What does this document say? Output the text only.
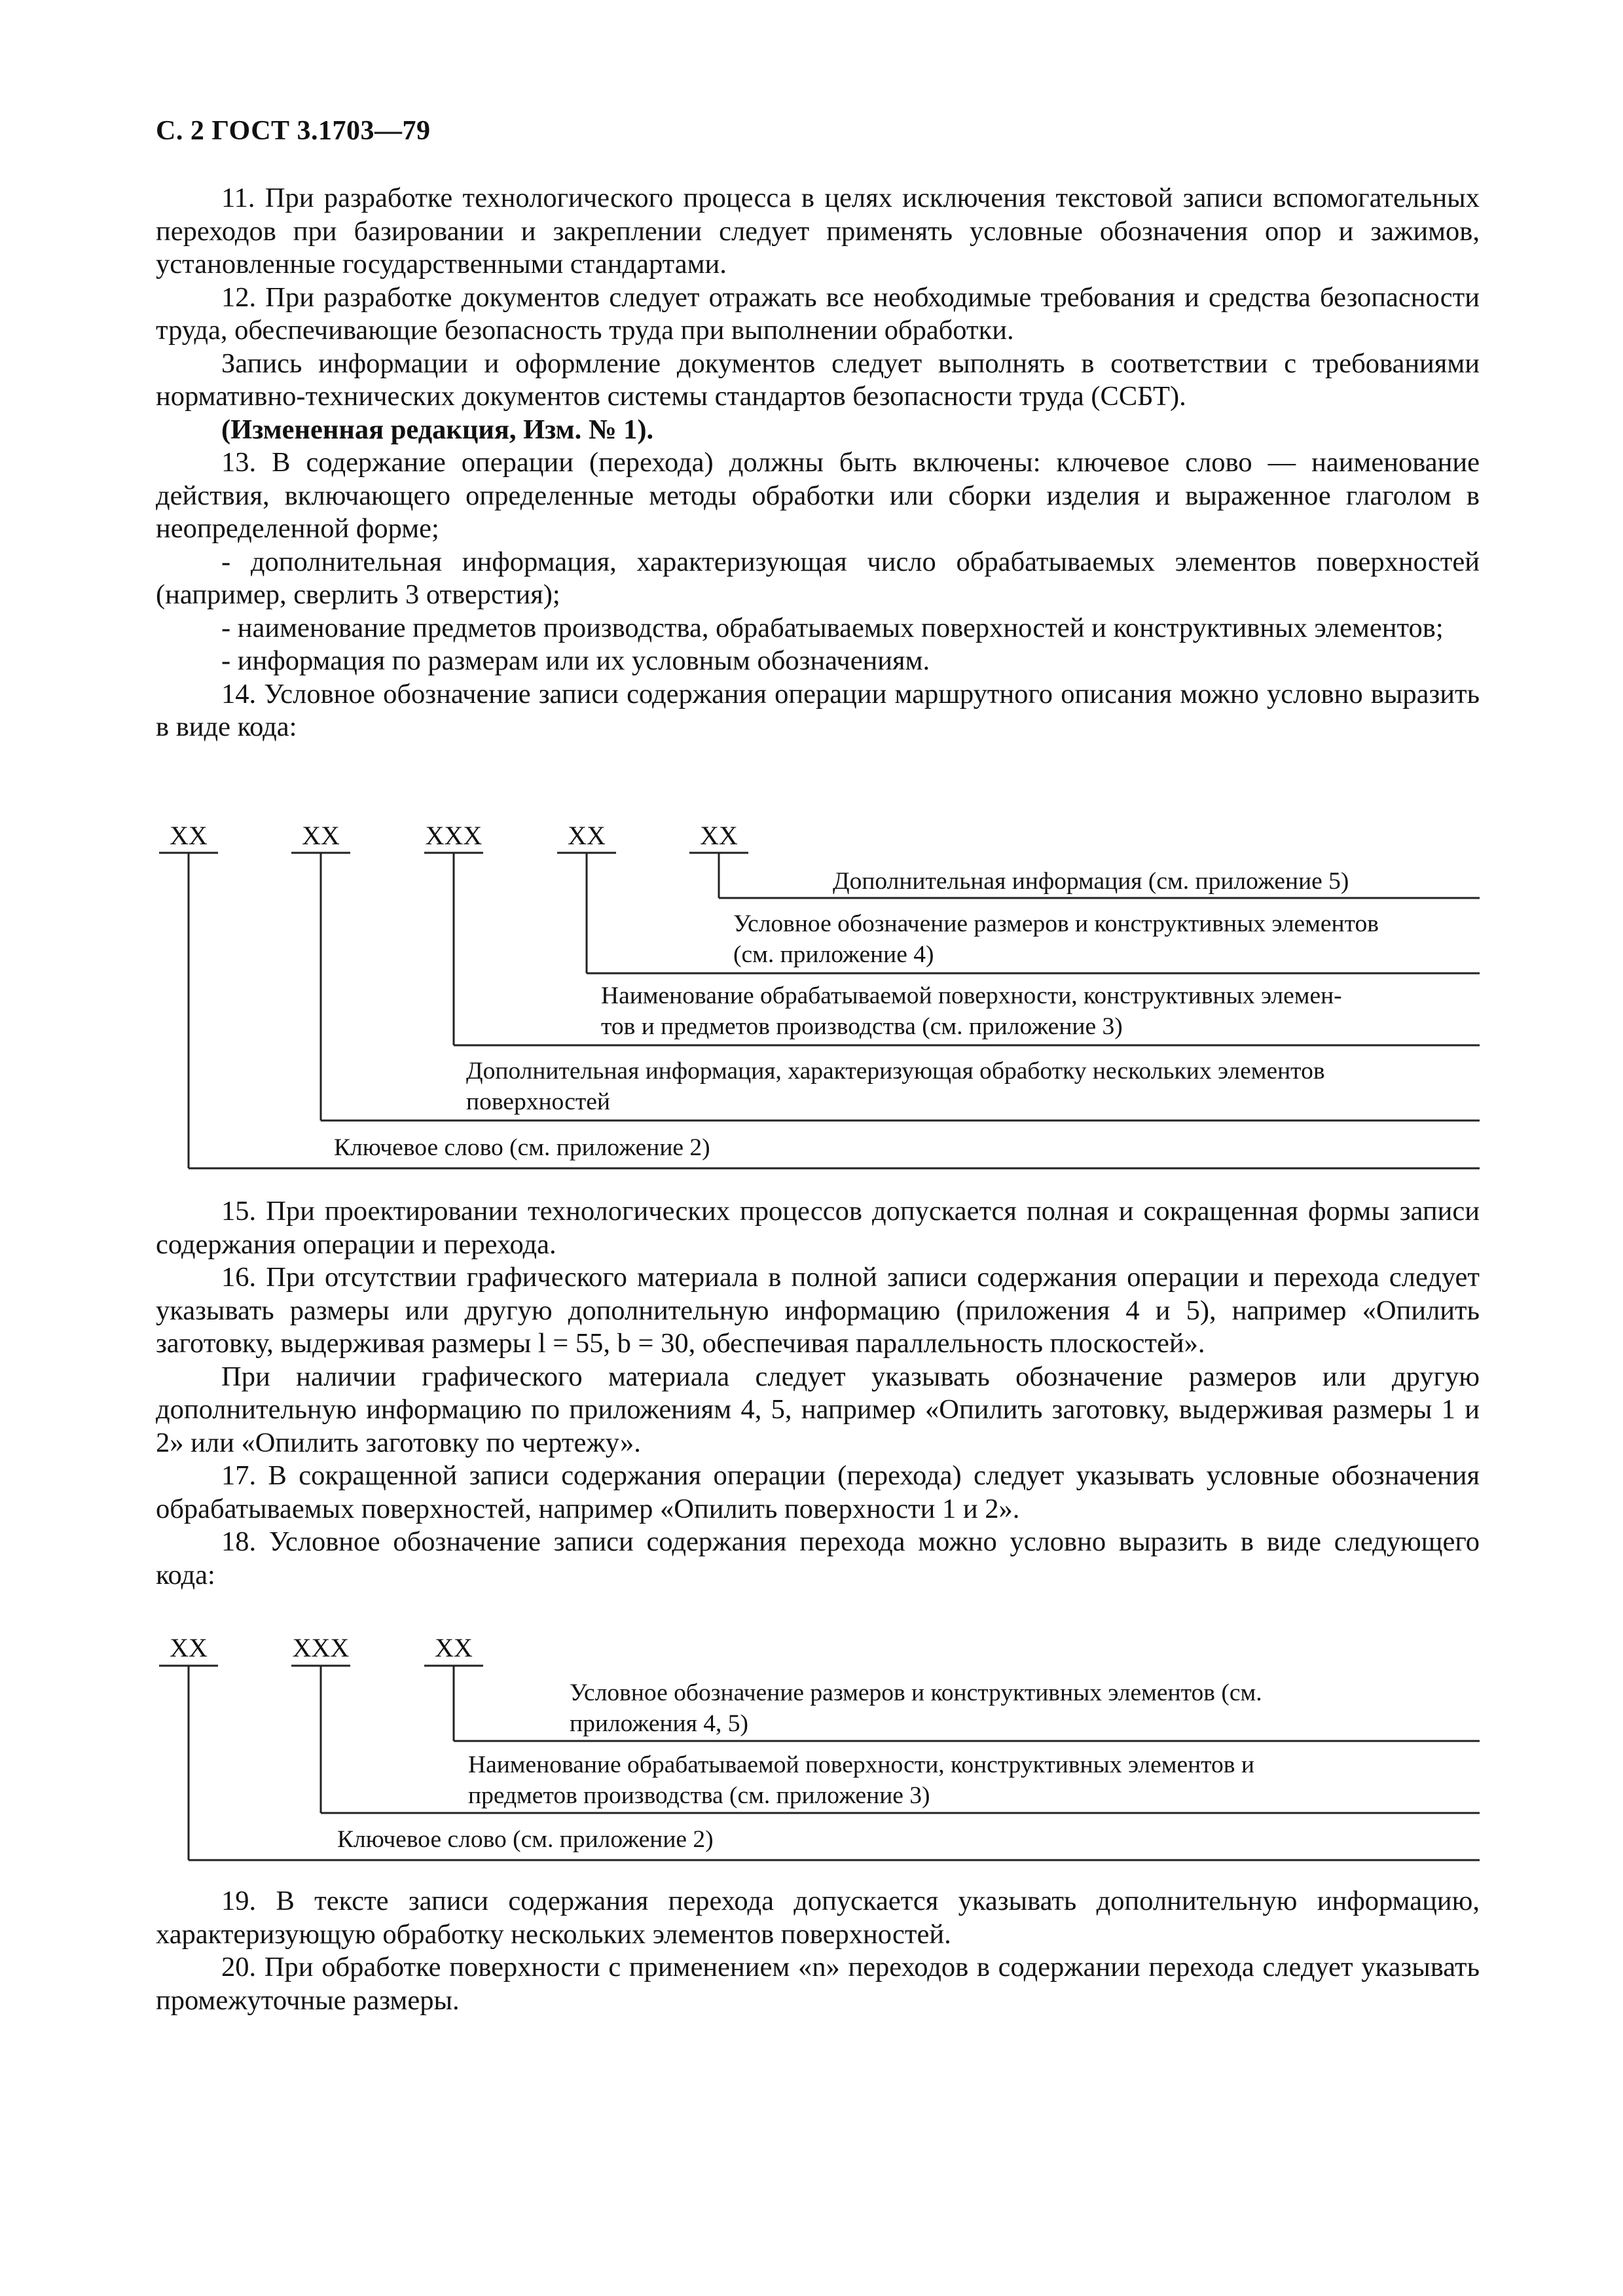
С. 2 ГОСТ 3.1703—79

11. При разработке технологического процесса в целях исключения текстовой записи вспомогательных переходов при базировании и закреплении следует применять условные обозначения опор и зажимов, установленные государственными стандартами.

12. При разработке документов следует отражать все необходимые требования и средства безопасности труда, обеспечивающие безопасность труда при выполнении обработки.

Запись информации и оформление документов следует выполнять в соответствии с требованиями нормативно-технических документов системы стандартов безопасности труда (ССБТ).

(Измененная редакция, Изм. № 1).

13. В содержание операции (перехода) должны быть включены: ключевое слово — наименование действия, включающего определенные методы обработки или сборки изделия и выраженное глаголом в неопределенной форме;

- дополнительная информация, характеризующая число обрабатываемых элементов поверхностей (например, сверлить 3 отверстия);

- наименование предметов производства, обрабатываемых поверхностей и конструктивных элементов;

- информация по размерам или их условным обозначениям.

14. Условное обозначение записи содержания операции маршрутного описания можно условно выразить в виде кода:

XX	XX	XXX	XX	XX
Дополнительная информация (см. приложение 5)
Условное обозначение размеров и конструктивных элементов
(см. приложение 4)
Наименование обрабатываемой поверхности, конструктивных элемен-
тов и предметов производства (см. приложение 3)
Дополнительная информация, характеризующая обработку нескольких элементов
поверхностей
Ключевое слово (см. приложение 2)

15. При проектировании технологических процессов допускается полная и сокращенная формы записи содержания операции и перехода.

16. При отсутствии графического материала в полной записи содержания операции и перехода следует указывать размеры или другую дополнительную информацию (приложения 4 и 5), например «Опилить заготовку, выдерживая размеры l = 55, b = 30, обеспечивая параллельность плоскостей».

При наличии графического материала следует указывать обозначение размеров или другую дополнительную информацию по приложениям 4, 5, например «Опилить заготовку, выдерживая размеры 1 и 2» или «Опилить заготовку по чертежу».

17. В сокращенной записи содержания операции (перехода) следует указывать условные обозначения обрабатываемых поверхностей, например «Опилить поверхности 1 и 2».

18. Условное обозначение записи содержания перехода можно условно выразить в виде следующего кода:

XX	XXX	XX
Условное обозначение размеров и конструктивных элементов (см.
приложения 4, 5)
Наименование обрабатываемой поверхности, конструктивных элементов и
предметов производства (см. приложение 3)
Ключевое слово (см. приложение 2)

19. В тексте записи содержания перехода допускается указывать дополнительную информацию, характеризующую обработку нескольких элементов поверхностей.

20. При обработке поверхности с применением «n» переходов в содержании перехода следует указывать промежуточные размеры.
